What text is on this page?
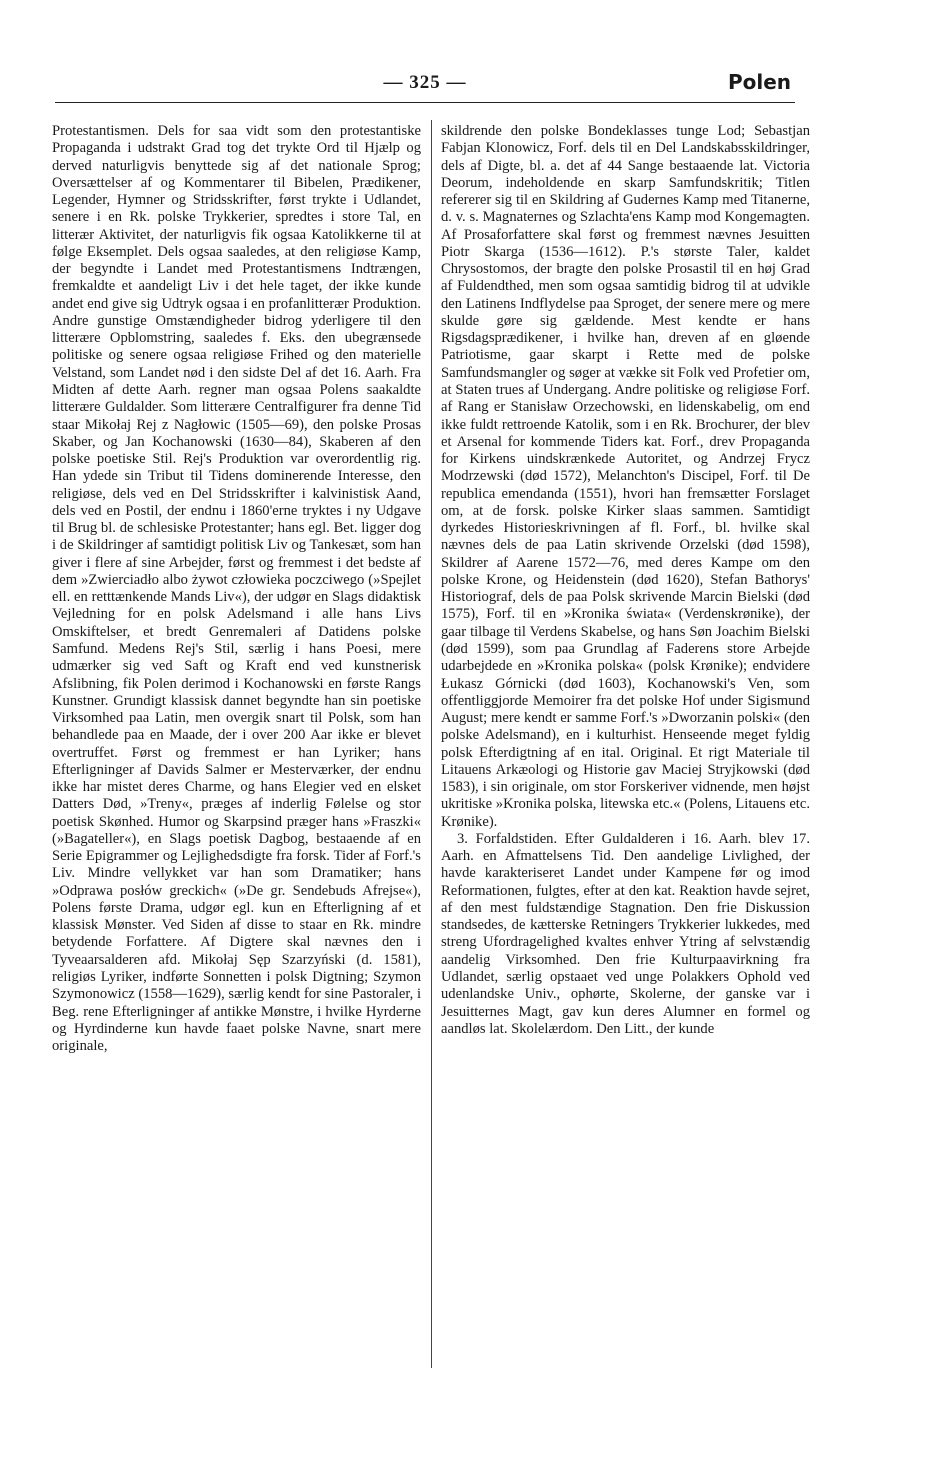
— 325 —	Polen

Protestantismen. Dels for saa vidt som den protestantiske Propaganda i udstrakt Grad tog det trykte Ord til Hjælp og derved naturligvis benyttede sig af det nationale Sprog; Oversættelser af og Kommentarer til Bibelen, Prædikener, Legender, Hymner og Stridsskrifter, først trykte i Udlandet, senere i en Rk. polske Trykkerier, spredtes i store Tal, en litterær Aktivitet, der naturligvis fik ogsaa Katolikkerne til at følge Eksemplet. Dels ogsaa saaledes, at den religiøse Kamp, der begyndte i Landet med Protestantismens Indtrængen, fremkaldte et aandeligt Liv i det hele taget, der ikke kunde andet end give sig Udtryk ogsaa i en profanlitterær Produktion. Andre gunstige Omstændigheder bidrog yderligere til den litterære Opblomstring, saaledes f. Eks. den ubegrænsede politiske og senere ogsaa religiøse Frihed og den materielle Velstand, som Landet nød i den sidste Del af det 16. Aarh. Fra Midten af dette Aarh. regner man ogsaa Polens saakaldte litterære Guldalder. Som litterære Centralfigurer fra denne Tid staar Mikołaj Rej z Nagłowic (1505—69), den polske Prosas Skaber, og Jan Kochanowski (1630—84), Skaberen af den polske poetiske Stil. Rej's Produktion var overordentlig rig. Han ydede sin Tribut til Tidens dominerende Interesse, den religiøse, dels ved en Del Stridsskrifter i kalvinistisk Aand, dels ved en Postil, der endnu i 1860'erne tryktes i ny Udgave til Brug bl. de schlesiske Protestanter; hans egl. Bet. ligger dog i de Skildringer af samtidigt politisk Liv og Tankesæt, som han giver i flere af sine Arbejder, først og fremmest i det bedste af dem »Zwierciadło albo żywot człowieka poczciwego (»Spejlet ell. en retttænkende Mands Liv«), der udgør en Slags didaktisk Vejledning for en polsk Adelsmand i alle hans Livs Omskiftelser, et bredt Genremaleri af Datidens polske Samfund. Medens Rej's Stil, særlig i hans Poesi, mere udmærker sig ved Saft og Kraft end ved kunstnerisk Afslibning, fik Polen derimod i Kochanowski en første Rangs Kunstner. Grundigt klassisk dannet begyndte han sin poetiske Virksomhed paa Latin, men overgik snart til Polsk, som han behandlede paa en Maade, der i over 200 Aar ikke er blevet overtruffet. Først og fremmest er han Lyriker; hans Efterligninger af Davids Salmer er Mesterværker, der endnu ikke har mistet deres Charme, og hans Elegier ved en elsket Datters Død, »Treny«, præges af inderlig Følelse og stor poetisk Skønhed. Humor og Skarpsind præger hans »Fraszki« (»Bagateller«), en Slags poetisk Dagbog, bestaaende af en Serie Epigrammer og Lejlighedsdigte fra forsk. Tider af Forf.'s Liv. Mindre vellykket var han som Dramatiker; hans »Odprawa posłów greckich« (»De gr. Sendebuds Afrejse«), Polens første Drama, udgør egl. kun en Efterligning af et klassisk Mønster. Ved Siden af disse to staar en Rk. mindre betydende Forfattere. Af Digtere skal nævnes den i Tyveaarsalderen afd. Mikołaj Sęp Szarzyński (d. 1581), religiøs Lyriker, indførte Sonnetten i polsk Digtning; Szymon Szymonowicz (1558—1629), særlig kendt for sine Pastoraler, i Beg. rene Efterligninger af antikke Mønstre, i hvilke Hyrderne og Hyrdinderne kun havde faaet polske Navne, snart mere originale,

skildrende den polske Bondeklasses tunge Lod; Sebastjan Fabjan Klonowicz, Forf. dels til en Del Landskabsskildringer, dels af Digte, bl. a. det af 44 Sange bestaaende lat. Victoria Deorum, indeholdende en skarp Samfundskritik; Titlen refererer sig til en Skildring af Gudernes Kamp med Titanerne, d. v. s. Magnaternes og Szlachta'ens Kamp mod Kongemagten. Af Prosaforfattere skal først og fremmest nævnes Jesuitten Piotr Skarga (1536—1612). P.'s største Taler, kaldet Chrysostomos, der bragte den polske Prosastil til en høj Grad af Fuldendthed, men som ogsaa samtidig bidrog til at udvikle den Latinens Indflydelse paa Sproget, der senere mere og mere skulde gøre sig gældende. Mest kendte er hans Rigsdagsprædikener, i hvilke han, dreven af en gløende Patriotisme, gaar skarpt i Rette med de polske Samfundsmangler og søger at vække sit Folk ved Profetier om, at Staten trues af Undergang. Andre politiske og religiøse Forf. af Rang er Stanisław Orzechowski, en lidenskabelig, om end ikke fuldt rettroende Katolik, som i en Rk. Brochurer, der blev et Arsenal for kommende Tiders kat. Forf., drev Propaganda for Kirkens uindskrænkede Autoritet, og Andrzej Frycz Modrzewski (død 1572), Melanchton's Discipel, Forf. til De republica emendanda (1551), hvori han fremsætter Forslaget om, at de forsk. polske Kirker slaas sammen. Samtidigt dyrkedes Historieskrivningen af fl. Forf., bl. hvilke skal nævnes dels de paa Latin skrivende Orzelski (død 1598), Skildrer af Aarene 1572—76, med deres Kampe om den polske Krone, og Heidenstein (død 1620), Stefan Bathorys' Historiograf, dels de paa Polsk skrivende Marcin Bielski (død 1575), Forf. til en »Kronika świata« (Verdenskrønike), der gaar tilbage til Verdens Skabelse, og hans Søn Joachim Bielski (død 1599), som paa Grundlag af Faderens store Arbejde udarbejdede en »Kronika polska« (polsk Krønike); endvidere Łukasz Górnicki (død 1603), Kochanowski's Ven, som offentliggjorde Memoirer fra det polske Hof under Sigismund August; mere kendt er samme Forf.'s »Dworzanin polski« (den polske Adelsmand), en i kulturhist. Henseende meget fyldig polsk Efterdigtning af en ital. Original. Et rigt Materiale til Litauens Arkæologi og Historie gav Maciej Stryjkowski (død 1583), i sin originale, om stor Forskeriver vidnende, men højst ukritiske »Kronika polska, litewska etc.« (Polens, Litauens etc. Krønike).

3. Forfaldstiden. Efter Guldalderen i 16. Aarh. blev 17. Aarh. en Afmattelsens Tid. Den aandelige Livlighed, der havde karakteriseret Landet under Kampene før og imod Reformationen, fulgtes, efter at den kat. Reaktion havde sejret, af den mest fuldstændige Stagnation. Den frie Diskussion standsedes, de kætterske Retningers Trykkerier lukkedes, med streng Ufordragelighed kvaltes enhver Ytring af selvstændig aandelig Virksomhed. Den frie Kulturpaavirkning fra Udlandet, særlig opstaaet ved unge Polakkers Ophold ved udenlandske Univ., ophørte, Skolerne, der ganske var i Jesuitternes Magt, gav kun deres Alumner en formel og aandløs lat. Skolelærdom. Den Litt., der kunde
